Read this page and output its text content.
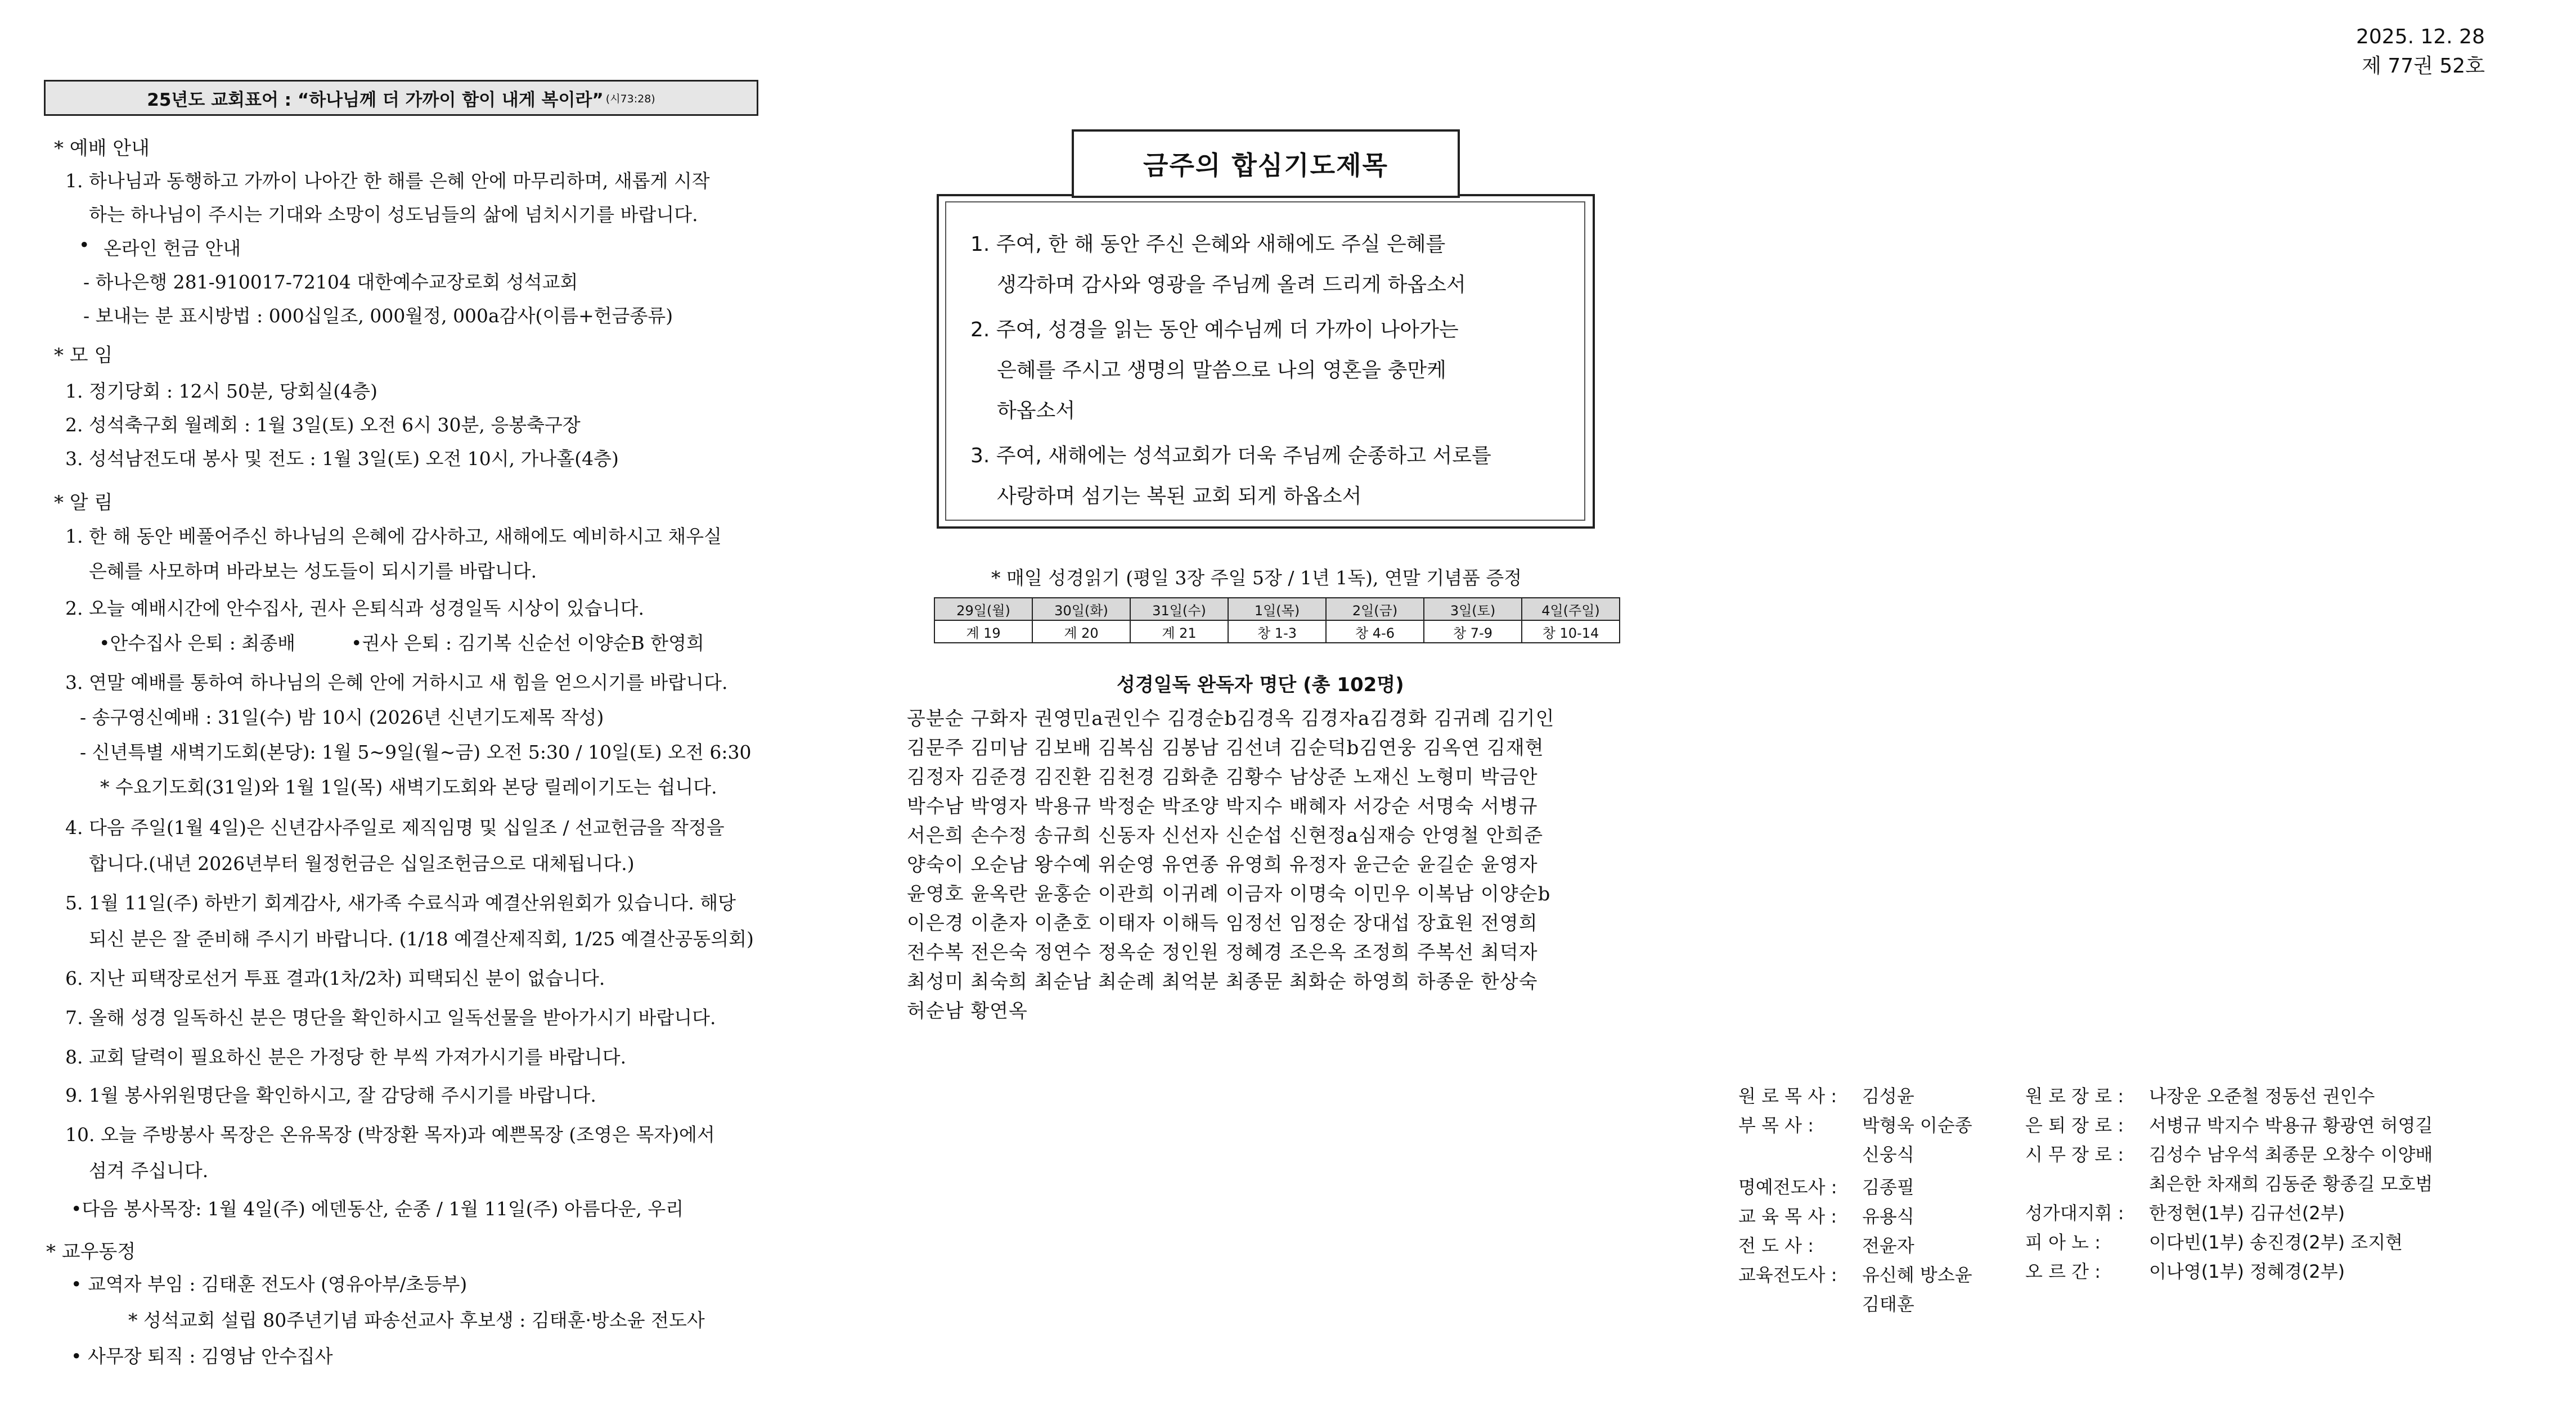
2025. 12. 28
제 77권 52호
25년도 교회표어 : “하나님께 더 가까이 함이 내게 복이라” (시73:28)
* 예배 안내
1. 하나님과 동행하고 가까이 나아간 한 해를 은혜 안에 마무리하며, 새롭게 시작
하는 하나님이 주시는 기대와 소망이 성도님들의 삶에 넘치시기를 바랍니다.
• 온라인 헌금 안내
- 하나은행 281-910017-72104 대한예수교장로회 성석교회
- 보내는 분 표시방법 : 000십일조, 000월정, 000a감사(이름+헌금종류)
* 모 임
1. 정기당회 : 12시 50분, 당회실(4층)
2. 성석축구회 월례회 : 1월 3일(토) 오전 6시 30분, 응봉축구장
3. 성석남전도대 봉사 및 전도 : 1월 3일(토) 오전 10시, 가나홀(4층)
* 알 림
1. 한 해 동안 베풀어주신 하나님의 은혜에 감사하고, 새해에도 예비하시고 채우실
은혜를 사모하며 바라보는 성도들이 되시기를 바랍니다.
2. 오늘 예배시간에 안수집사, 권사 은퇴식과 성경일독 시상이 있습니다.
•안수집사 은퇴 : 최종배	•권사 은퇴 : 김기복 신순선 이양순B 한영희
3. 연말 예배를 통하여 하나님의 은혜 안에 거하시고 새 힘을 얻으시기를 바랍니다.
- 송구영신예배 : 31일(수) 밤 10시 (2026년 신년기도제목 작성)
- 신년특별 새벽기도회(본당): 1월 5~9일(월~금) 오전 5:30 / 10일(토) 오전 6:30
* 수요기도회(31일)와 1월 1일(목) 새벽기도회와 본당 릴레이기도는 쉽니다.
4. 다음 주일(1월 4일)은 신년감사주일로 제직임명 및 십일조 / 선교헌금을 작정을
합니다.(내년 2026년부터 월정헌금은 십일조헌금으로 대체됩니다.)
5. 1월 11일(주) 하반기 회계감사, 새가족 수료식과 예결산위원회가 있습니다. 해당
되신 분은 잘 준비해 주시기 바랍니다. (1/18 예결산제직회, 1/25 예결산공동의회)
6. 지난 피택장로선거 투표 결과(1차/2차) 피택되신 분이 없습니다.
7. 올해 성경 일독하신 분은 명단을 확인하시고 일독선물을 받아가시기 바랍니다.
8. 교회 달력이 필요하신 분은 가정당 한 부씩 가져가시기를 바랍니다.
9. 1월 봉사위원명단을 확인하시고, 잘 감당해 주시기를 바랍니다.
10. 오늘 주방봉사 목장은 온유목장 (박장환 목자)과 예쁜목장 (조영은 목자)에서
섬겨 주십니다.
•다음 봉사목장: 1월 4일(주) 에덴동산, 순종 / 1월 11일(주) 아름다운, 우리
* 교우동정
• 교역자 부임 : 김태훈 전도사 (영유아부/초등부)
* 성석교회 설립 80주년기념 파송선교사 후보생 : 김태훈·방소윤 전도사
• 사무장 퇴직 : 김영남 안수집사
금주의 합심기도제목
1. 주여, 한 해 동안 주신 은혜와 새해에도 주실 은혜를
생각하며 감사와 영광을 주님께 올려 드리게 하옵소서
2. 주여, 성경을 읽는 동안 예수님께 더 가까이 나아가는
은혜를 주시고 생명의 말씀으로 나의 영혼을 충만케
하옵소서
3. 주여, 새해에는 성석교회가 더욱 주님께 순종하고 서로를
사랑하며 섬기는 복된 교회 되게 하옵소서
* 매일 성경읽기 (평일 3장 주일 5장 / 1년 1독), 연말 기념품 증정
29일(월)	30일(화)	31일(수)	1일(목)	2일(금)	3일(토)	4일(주일)
계 19	계 20	계 21	창 1-3	창 4-6	창 7-9	창 10-14
성경일독 완독자 명단 (총 102명)
공분순 구화자 권영민a권인수 김경순b김경옥 김경자a김경화 김귀례 김기인
김문주 김미남 김보배 김복심 김봉남 김선녀 김순덕b김연웅 김옥연 김재현
김정자 김준경 김진환 김천경 김화춘 김황수 남상준 노재신 노형미 박금안
박수남 박영자 박용규 박정순 박조양 박지수 배혜자 서강순 서명숙 서병규
서은희 손수정 송규희 신동자 신선자 신순섭 신현정a심재승 안영철 안희준
양숙이 오순남 왕수예 위순영 유연종 유영희 유정자 윤근순 윤길순 윤영자
윤영호 윤옥란 윤홍순 이관희 이귀례 이금자 이명숙 이민우 이복남 이양순b
이은경 이춘자 이춘호 이태자 이해득 임정선 임정순 장대섭 장효원 전영희
전수복 전은숙 정연수 정옥순 정인원 정혜경 조은옥 조정희 주복선 최덕자
최성미 최숙희 최순남 최순례 최억분 최종문 최화순 하영희 하종운 한상숙
허순남 황연옥
원 로 목 사 : 김성윤
부 목 사 :	박형욱 이순종
신웅식
명예전도사 : 김종필
교 육 목 사 : 유용식
전 도 사 :	전윤자
교육전도사 : 유신혜 방소윤
김태훈
원 로 장 로 : 나장운 오준철 정동선 권인수
은 퇴 장 로 : 서병규 박지수 박용규 황광연 허영길
시 무 장 로 : 김성수 남우석 최종문 오창수 이양배
최은한 차재희 김동준 황종길 모호범
성가대지휘 : 한정현(1부) 김규선(2부)
피 아 노 :	이다빈(1부) 송진경(2부) 조지현
오 르 간 :	이나영(1부) 정혜경(2부)
